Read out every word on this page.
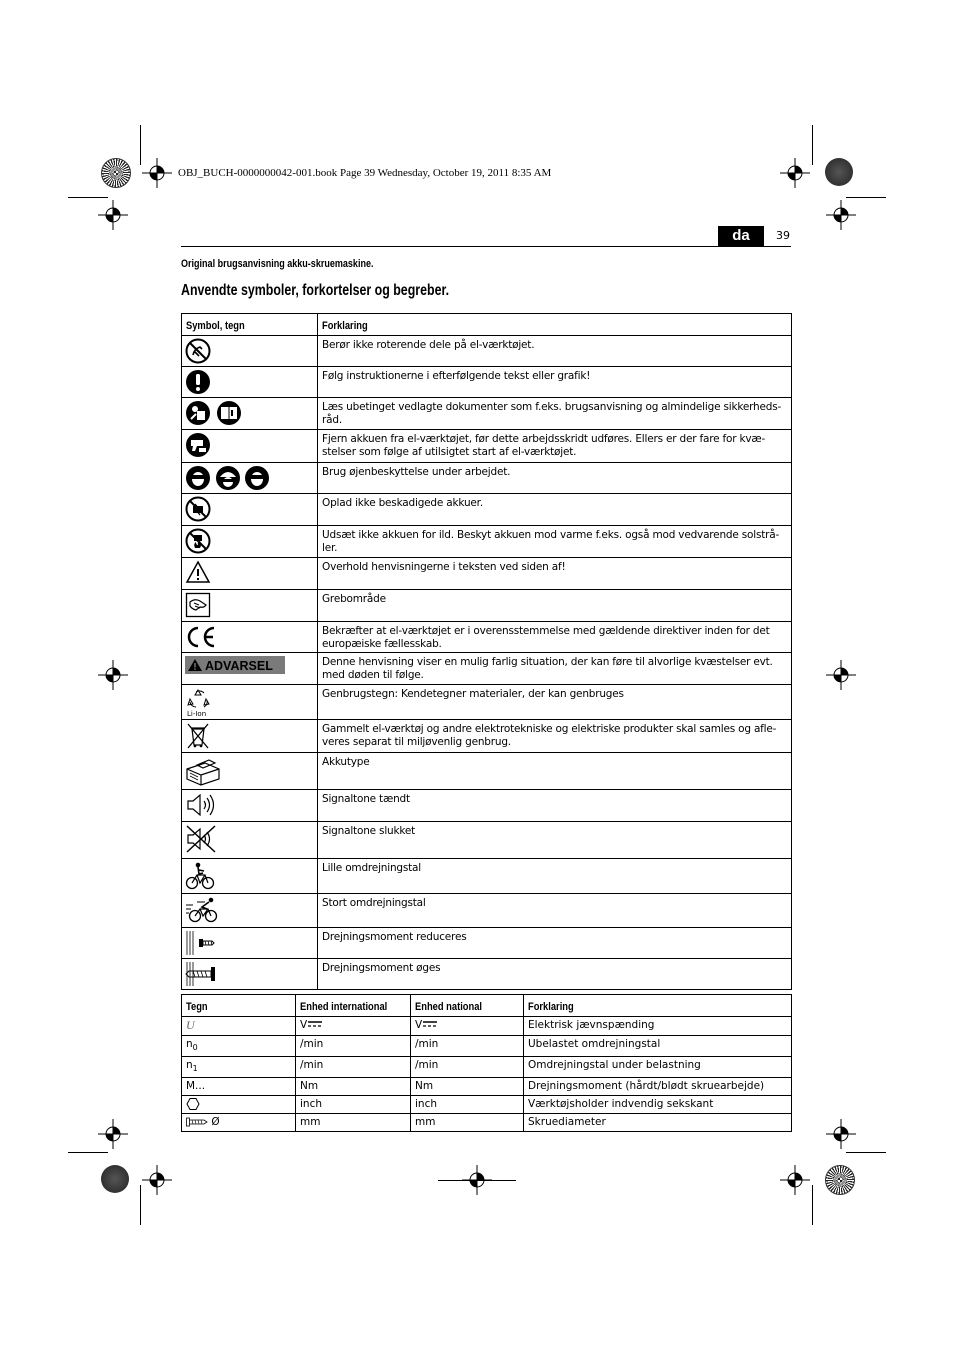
OBJ_BUCH-0000000042-001.book Page 39 Wednesday, October 19, 2011 8:35 AM
da	39
Original brugsanvisning akku-skruemaskine.
Anvendte symboler, forkortelser og begreber.
Symbol, tegn	Forklaring

	Berør ikke roterende dele på el-værktøjet.

	Følg instruktionerne i efterfølgende tekst eller grafik!

	Læs ubetinget vedlagte dokumenter som f.eks. brugsanvisning og almindelige sikkerhedsråd.

	Fjern akkuen fra el-værktøjet, før dette arbejdsskridt udføres. Ellers er der fare for kvæstelser som følge af utilsigtet start af el-værktøjet.

	Brug øjenbeskyttelse under arbejdet.

	Oplad ikke beskadigede akkuer.

	Udsæt ikke akkuen for ild. Beskyt akkuen mod varme f.eks. også mod vedvarende solstråler.

	Overhold henvisningerne i teksten ved siden af!

	Grebområde

	Bekræfter at el-værktøjet er i overensstemmelse med gældende direktiver inden for det europæiske fællesskab.

ADVARSEL	Denne henvisning viser en mulig farlig situation, der kan føre til alvorlige kvæstelser evt. med døden til følge.

Li-Ion	Genbrugstegn: Kendetegner materialer, der kan genbruges

	Gammelt el-værktøj og andre elektrotekniske og elektriske produkter skal samles og afleveres separat til miljøvenlig genbrug.

	Akkutype

	Signaltone tændt

	Signaltone slukket

	Lille omdrejningstal

	Stort omdrejningstal

	Drejningsmoment reduceres

	Drejningsmoment øges
Tegn	Enhed international	Enhed national	Forklaring
U	V	V	Elektrisk jævnspænding
$n_0$	/min	/min	Ubelastet omdrejningstal
$n_1$	/min	/min	Omdrejningstal under belastning
M...	Nm	Nm	Drejningsmoment (hårdt/blødt skruearbejde)
	inch	inch	Værktøjsholder indvendig sekskant
Ø	mm	mm	Skruediameter
